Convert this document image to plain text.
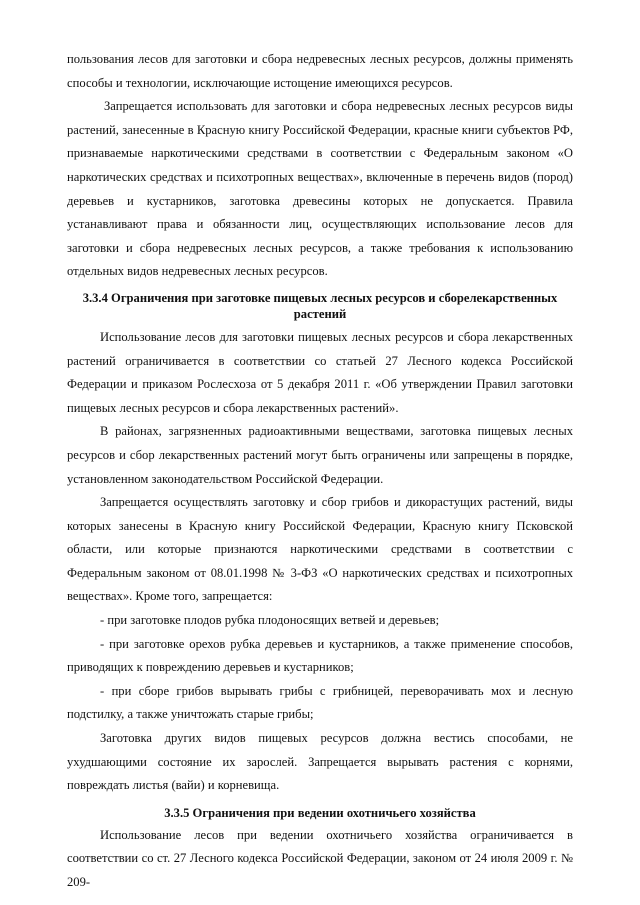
пользования лесов для заготовки и сбора недревесных лесных ресурсов, должны применять способы и технологии, исключающие истощение имеющихся ресурсов.

Запрещается использовать для заготовки и сбора недревесных лесных ресурсов виды растений, занесенные в Красную книгу Российской Федерации, красные книги субъектов РФ, признаваемые наркотическими средствами в соответствии с Федеральным законом «О наркотических средствах и психотропных веществах», включенные в перечень видов (пород) деревьев и кустарников, заготовка древесины которых не допускается. Правила устанавливают права и обязанности лиц, осуществляющих использование лесов для заготовки и сбора недревесных лесных ресурсов, а также требования к использованию отдельных видов недревесных лесных ресурсов.

3.3.4 Ограничения при заготовке пищевых лесных ресурсов и сборелекарственных растений

Использование лесов для заготовки пищевых лесных ресурсов и сбора лекарственных растений ограничивается в соответствии со статьей 27 Лесного кодекса Российской Федерации и приказом Рослесхоза от 5 декабря 2011 г. «Об утверждении Правил заготовки пищевых лесных ресурсов и сбора лекарственных растений».

В районах, загрязненных радиоактивными веществами, заготовка пищевых лесных ресурсов и сбор лекарственных растений могут быть ограничены или запрещены в порядке, установленном законодательством Российской Федерации.

Запрещается осуществлять заготовку и сбор грибов и дикорастущих растений, виды которых занесены в Красную книгу Российской Федерации, Красную книгу Псковской области, или которые признаются наркотическими средствами в соответствии с Федеральным законом от 08.01.1998 № 3-ФЗ «О наркотических средствах и психотропных веществах». Кроме того, запрещается:

- при заготовке плодов рубка плодоносящих ветвей и деревьев;

- при заготовке орехов рубка деревьев и кустарников, а также применение способов, приводящих к повреждению деревьев и кустарников;

- при сборе грибов вырывать грибы с грибницей, переворачивать мох и лесную подстилку, а также уничтожать старые грибы;

Заготовка других видов пищевых ресурсов должна вестись способами, не ухудшающими состояние их зарослей. Запрещается вырывать растения с корнями, повреждать листья (вайи) и корневища.

3.3.5 Ограничения при ведении охотничьего хозяйства

Использование лесов при ведении охотничьего хозяйства ограничивается в соответствии со ст. 27 Лесного кодекса Российской Федерации, законом от 24 июля 2009 г. № 209-
